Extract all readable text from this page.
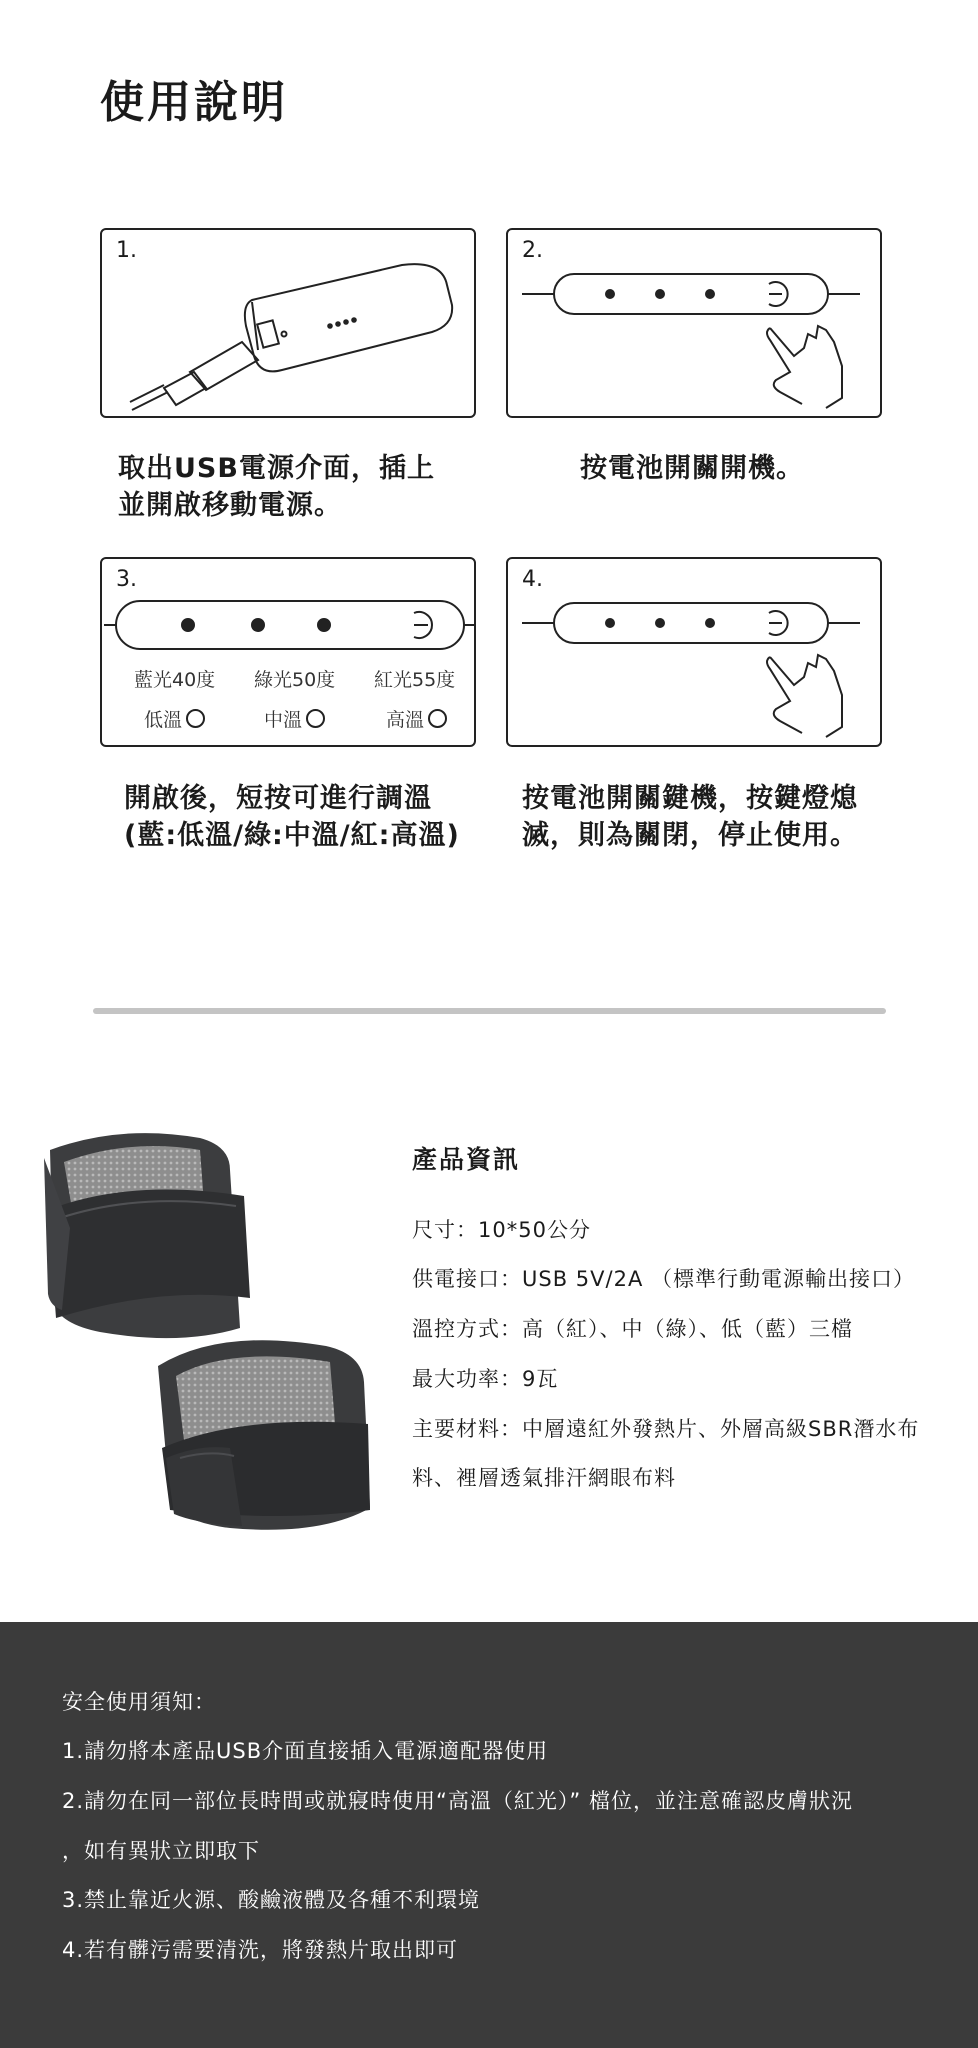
使用說明
1.	2.
取出USB電源介面，插上
並開啟移動電源。
按電池開關開機。
3.
藍光40度 綠光50度 紅光55度
低溫	中溫	高溫
4.
開啟後，短按可進行調溫
(藍:低溫/綠:中溫/紅:高溫)
按電池開關鍵機，按鍵燈熄
滅，則為關閉，停止使用。
產品資訊
尺寸：10*50公分
供電接口：USB 5V/2A （標準行動電源輸出接口）
溫控方式：高（紅）、中（綠）、低（藍）三檔
最大功率：9瓦
主要材料：中層遠紅外發熱片、外層高級SBR潛水布
料、裡層透氣排汗網眼布料
安全使用須知：
1.請勿將本產品USB介面直接插入電源適配器使用
2.請勿在同一部位長時間或就寢時使用“高溫（紅光）” 檔位，並注意確認皮膚狀況
，如有異狀立即取下
3.禁止靠近火源、酸鹼液體及各種不利環境
4.若有髒污需要清洗，將發熱片取出即可
